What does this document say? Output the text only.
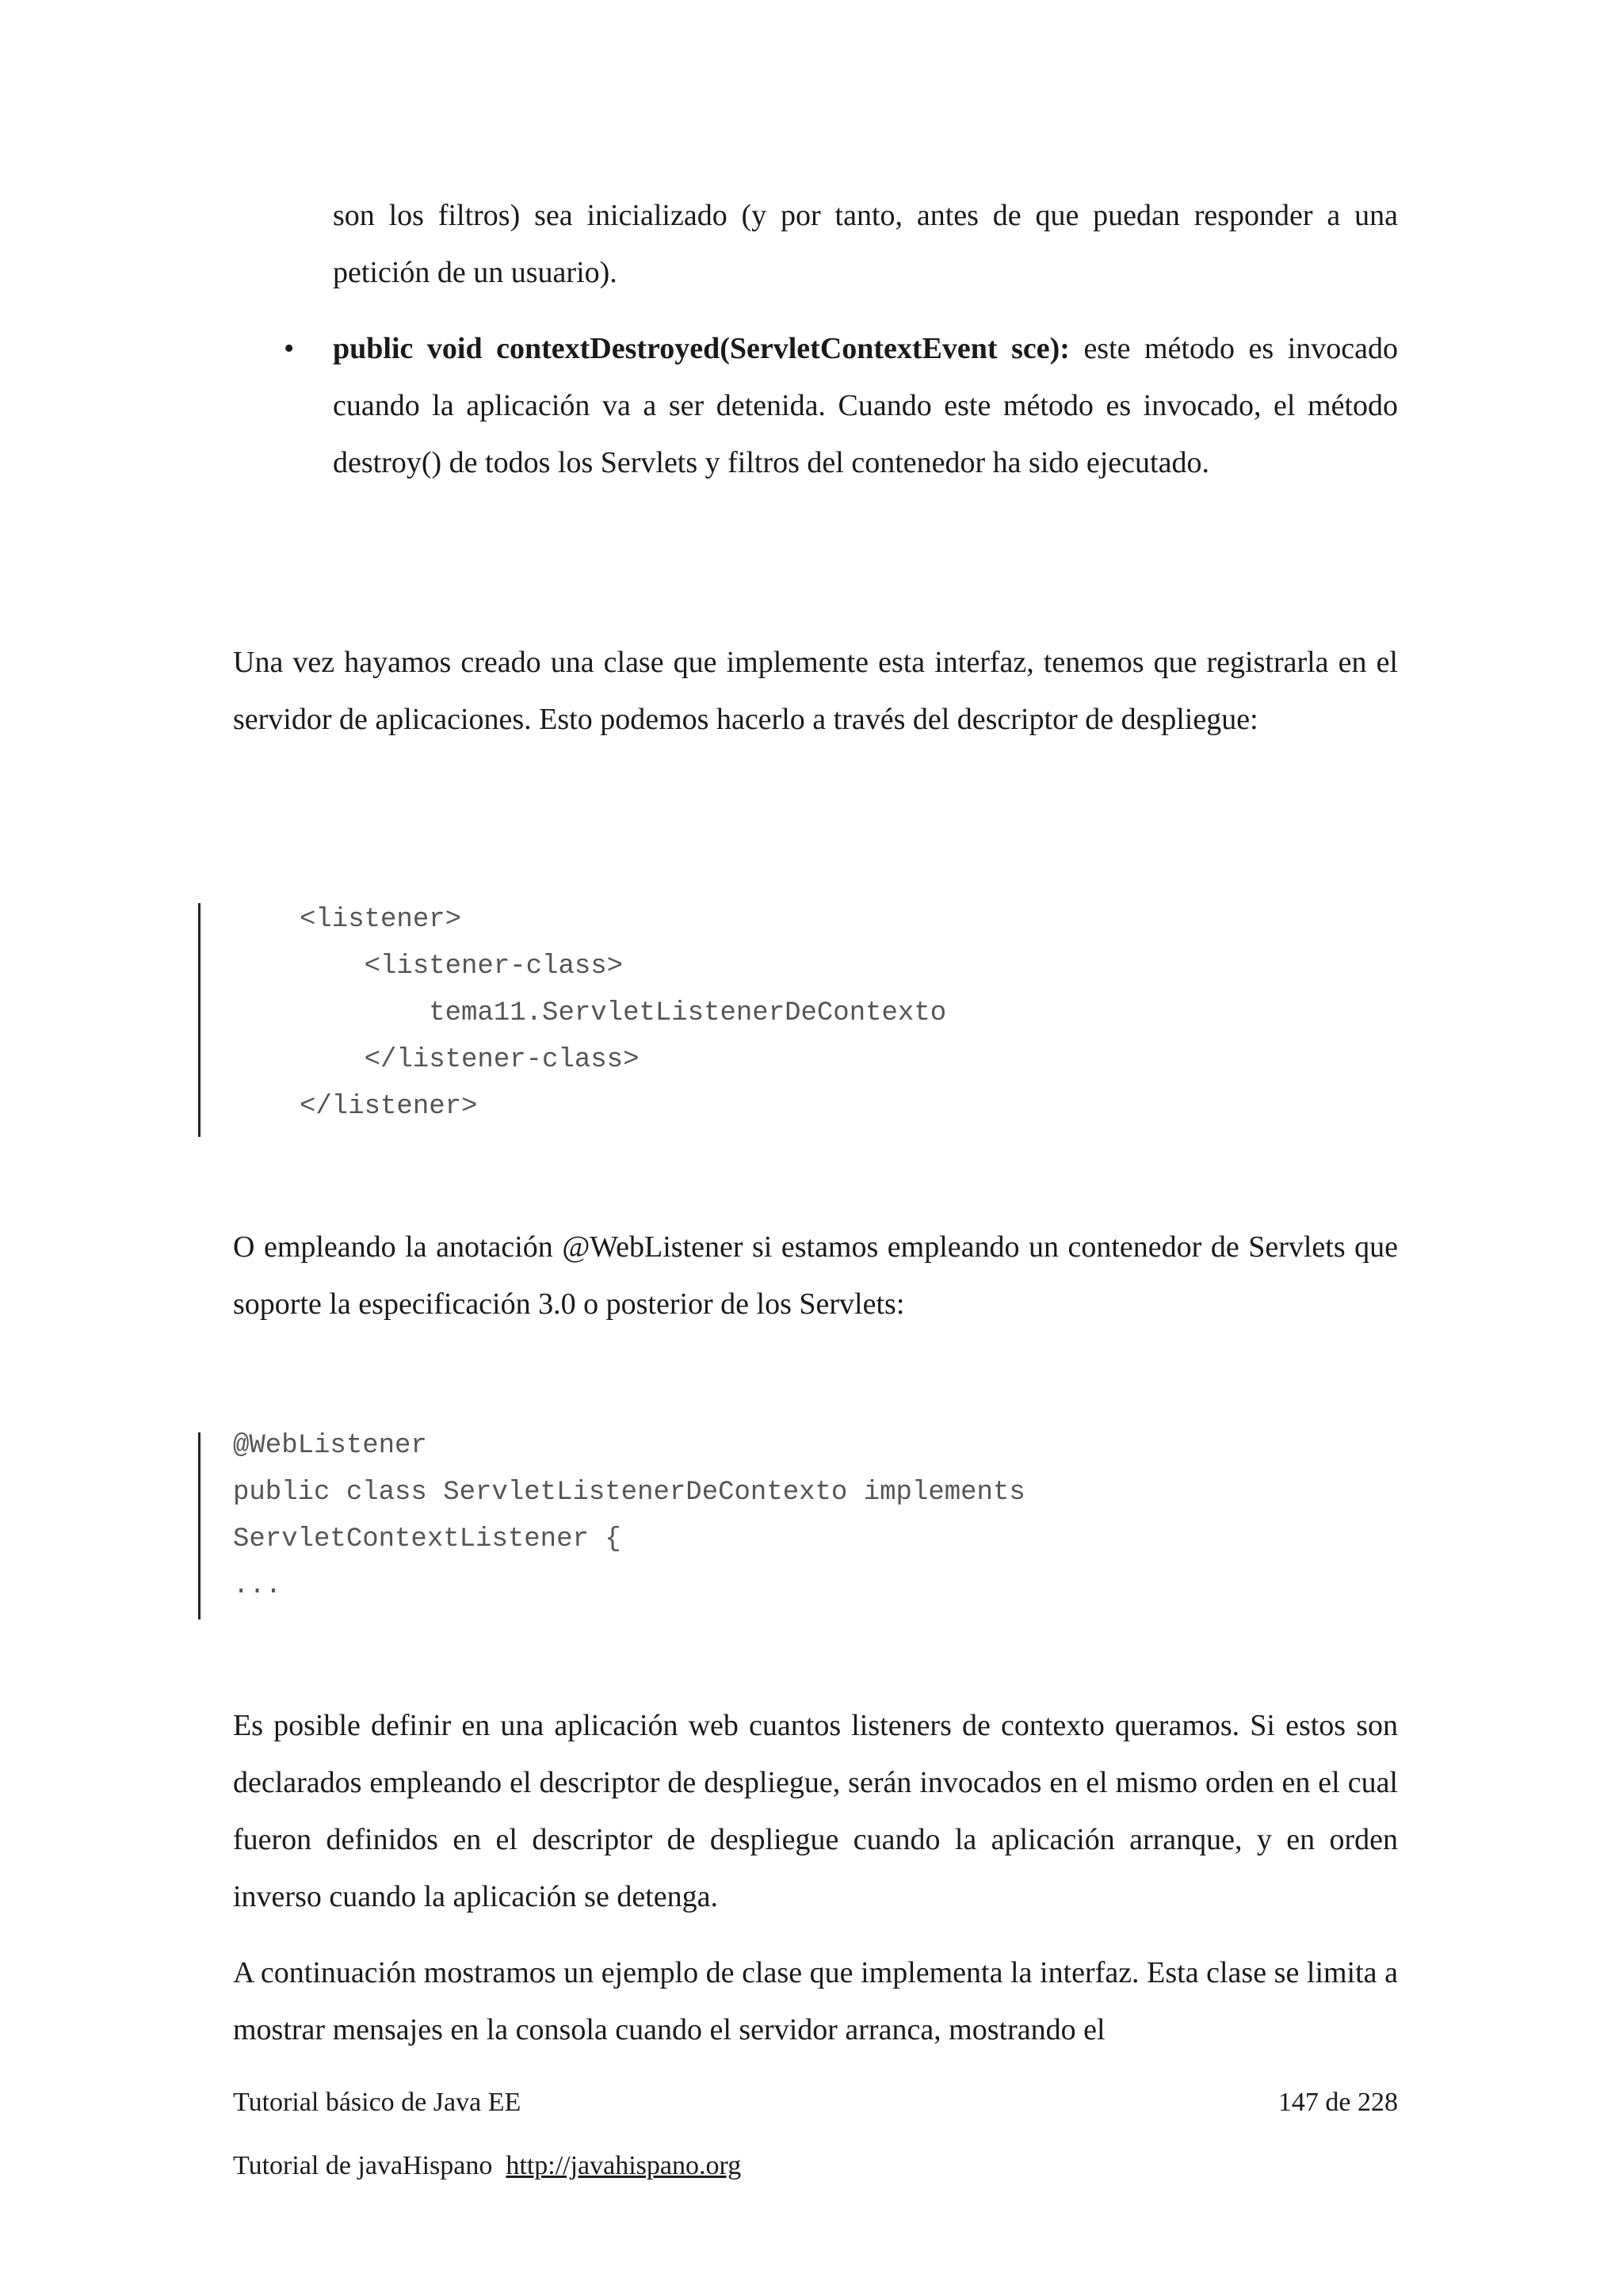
son los filtros) sea inicializado (y por tanto, antes de que puedan responder a una petición de un usuario).

• public void contextDestroyed(ServletContextEvent sce): este método es invocado cuando la aplicación va a ser detenida. Cuando este método es invocado, el método destroy() de todos los Servlets y filtros del contenedor ha sido ejecutado.

Una vez hayamos creado una clase que implemente esta interfaz, tenemos que registrarla en el servidor de aplicaciones. Esto podemos hacerlo a través del descriptor de despliegue:

<listener>
<listener-class>
tema11.ServletListenerDeContexto
</listener-class>
</listener>

O empleando la anotación @WebListener si estamos empleando un contenedor de Servlets que soporte la especificación 3.0 o posterior de los Servlets:

@WebListener
public class ServletListenerDeContexto implements
ServletContextListener {
...

Es posible definir en una aplicación web cuantos listeners de contexto queramos. Si estos son declarados empleando el descriptor de despliegue, serán invocados en el mismo orden en el cual fueron definidos en el descriptor de despliegue cuando la aplicación arranque, y en orden inverso cuando la aplicación se detenga.

A continuación mostramos un ejemplo de clase que implementa la interfaz. Esta clase se limita a mostrar mensajes en la consola cuando el servidor arranca, mostrando el

Tutorial básico de Java EE	147 de 228
Tutorial de javaHispano http://javahispano.org
